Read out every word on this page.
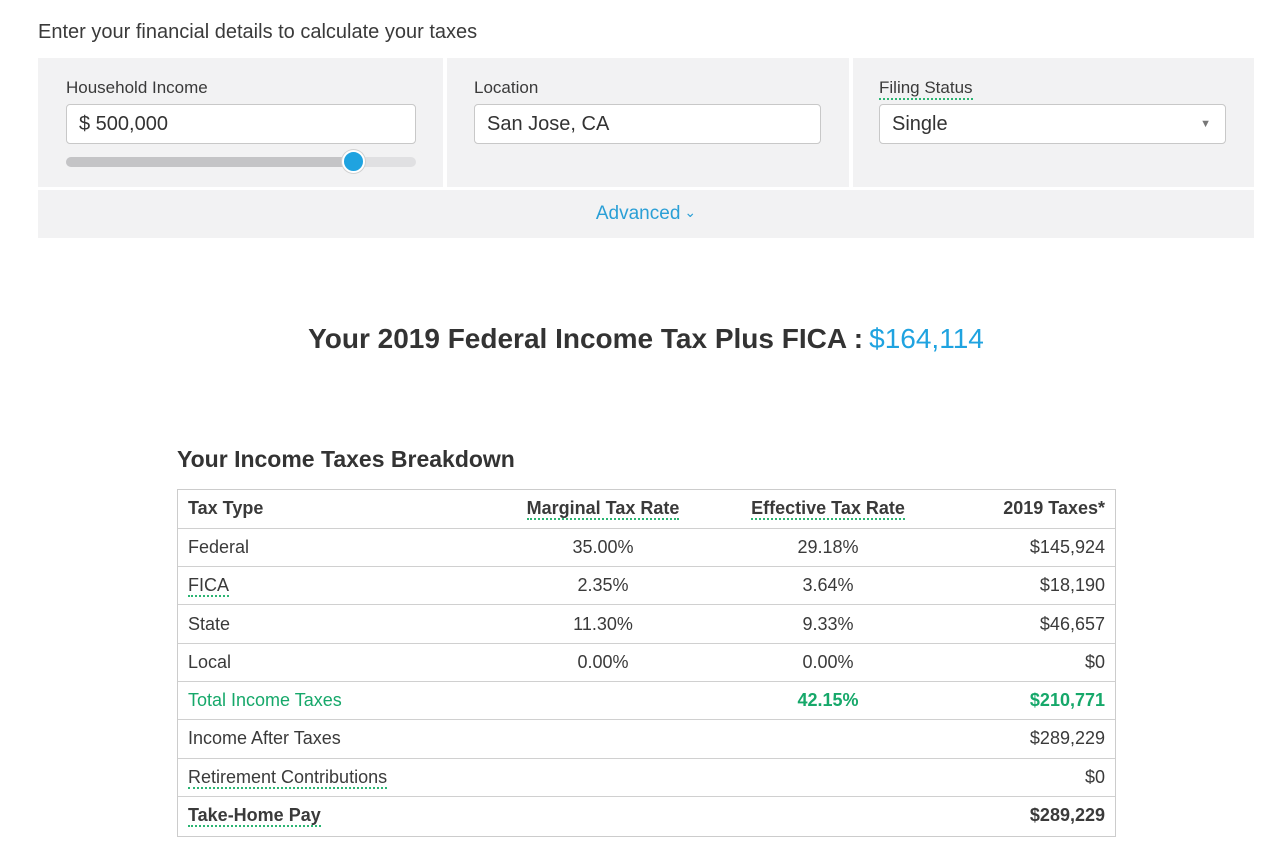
Enter your financial details to calculate your taxes
Household Income
$ 500,000
Location
San Jose, CA
Filing Status
Single	▼
Advanced ⌄
Your 2019 Federal Income Tax Plus FICA : $164,114
Your Income Taxes Breakdown
Tax Type	Marginal Tax Rate	Effective Tax Rate	2019 Taxes*
Federal	35.00%	29.18%	$145,924
FICA	2.35%	3.64%	$18,190
State	11.30%	9.33%	$46,657
Local	0.00%	0.00%	$0
Total Income Taxes		42.15%	$210,771
Income After Taxes			$289,229
Retirement Contributions			$0
Take-Home Pay			$289,229
